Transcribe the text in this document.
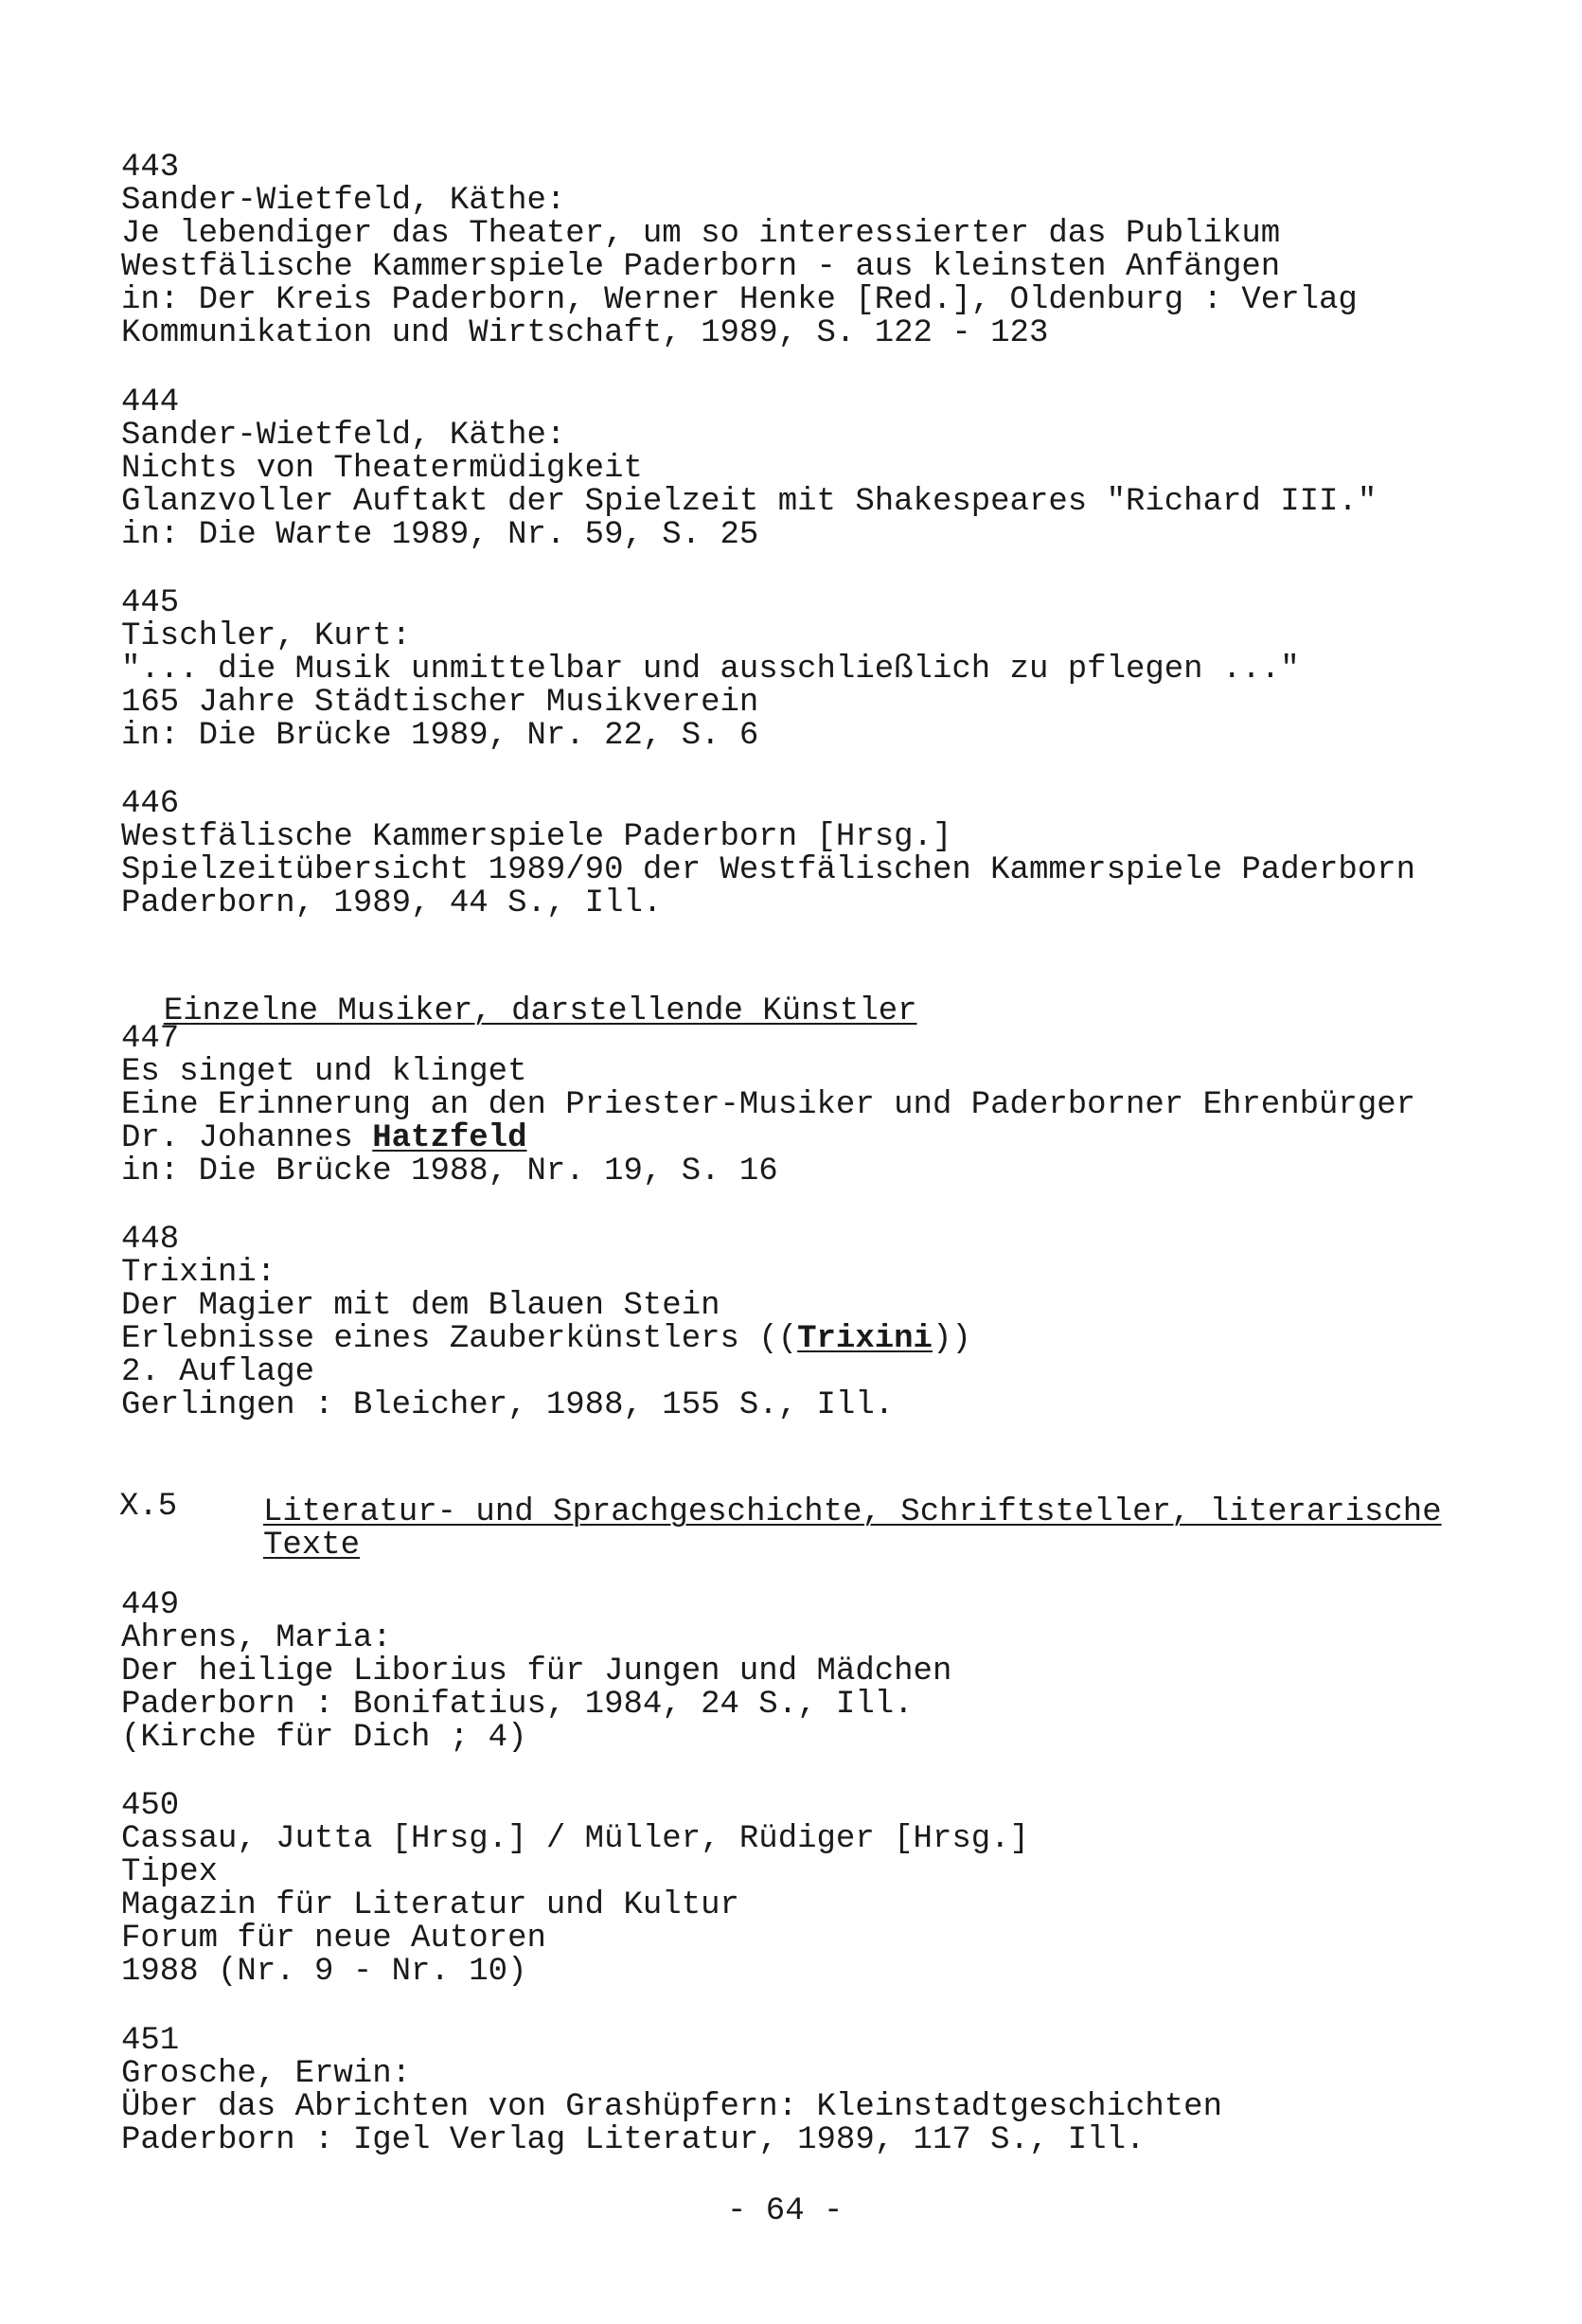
443
Sander-Wietfeld, Käthe:
Je lebendiger das Theater, um so interessierter das Publikum
Westfälische Kammerspiele Paderborn - aus kleinsten Anfängen
in: Der Kreis Paderborn, Werner Henke [Red.], Oldenburg : Verlag
Kommunikation und Wirtschaft, 1989, S. 122 - 123
444
Sander-Wietfeld, Käthe:
Nichts von Theatermüdigkeit
Glanzvoller Auftakt der Spielzeit mit Shakespeares "Richard III."
in: Die Warte 1989, Nr. 59, S. 25
445
Tischler, Kurt:
"... die Musik unmittelbar und ausschließlich zu pflegen ..."
165 Jahre Städtischer Musikverein
in: Die Brücke 1989, Nr. 22, S. 6
446
Westfälische Kammerspiele Paderborn [Hrsg.]
Spielzeitübersicht 1989/90 der Westfälischen Kammerspiele Paderborn
Paderborn, 1989, 44 S., Ill.

Einzelne Musiker, darstellende Künstler

447
Es singet und klinget
Eine Erinnerung an den Priester-Musiker und Paderborner Ehrenbürger
Dr. Johannes Hatzfeld
in: Die Brücke 1988, Nr. 19, S. 16
448
Trixini:
Der Magier mit dem Blauen Stein
Erlebnisse eines Zauberkünstlers ((Trixini))
2. Auflage
Gerlingen : Bleicher, 1988, 155 S., Ill.
X.5	Literatur- und Sprachgeschichte, Schriftsteller, literarische
Texte
449
Ahrens, Maria:
Der heilige Liborius für Jungen und Mädchen
Paderborn : Bonifatius, 1984, 24 S., Ill.
(Kirche für Dich ; 4)
450
Cassau, Jutta [Hrsg.] / Müller, Rüdiger [Hrsg.]
Tipex
Magazin für Literatur und Kultur
Forum für neue Autoren
1988 (Nr. 9 - Nr. 10)
451
Grosche, Erwin:
Über das Abrichten von Grashüpfern: Kleinstadtgeschichten
Paderborn : Igel Verlag Literatur, 1989, 117 S., Ill.
- 64 -
